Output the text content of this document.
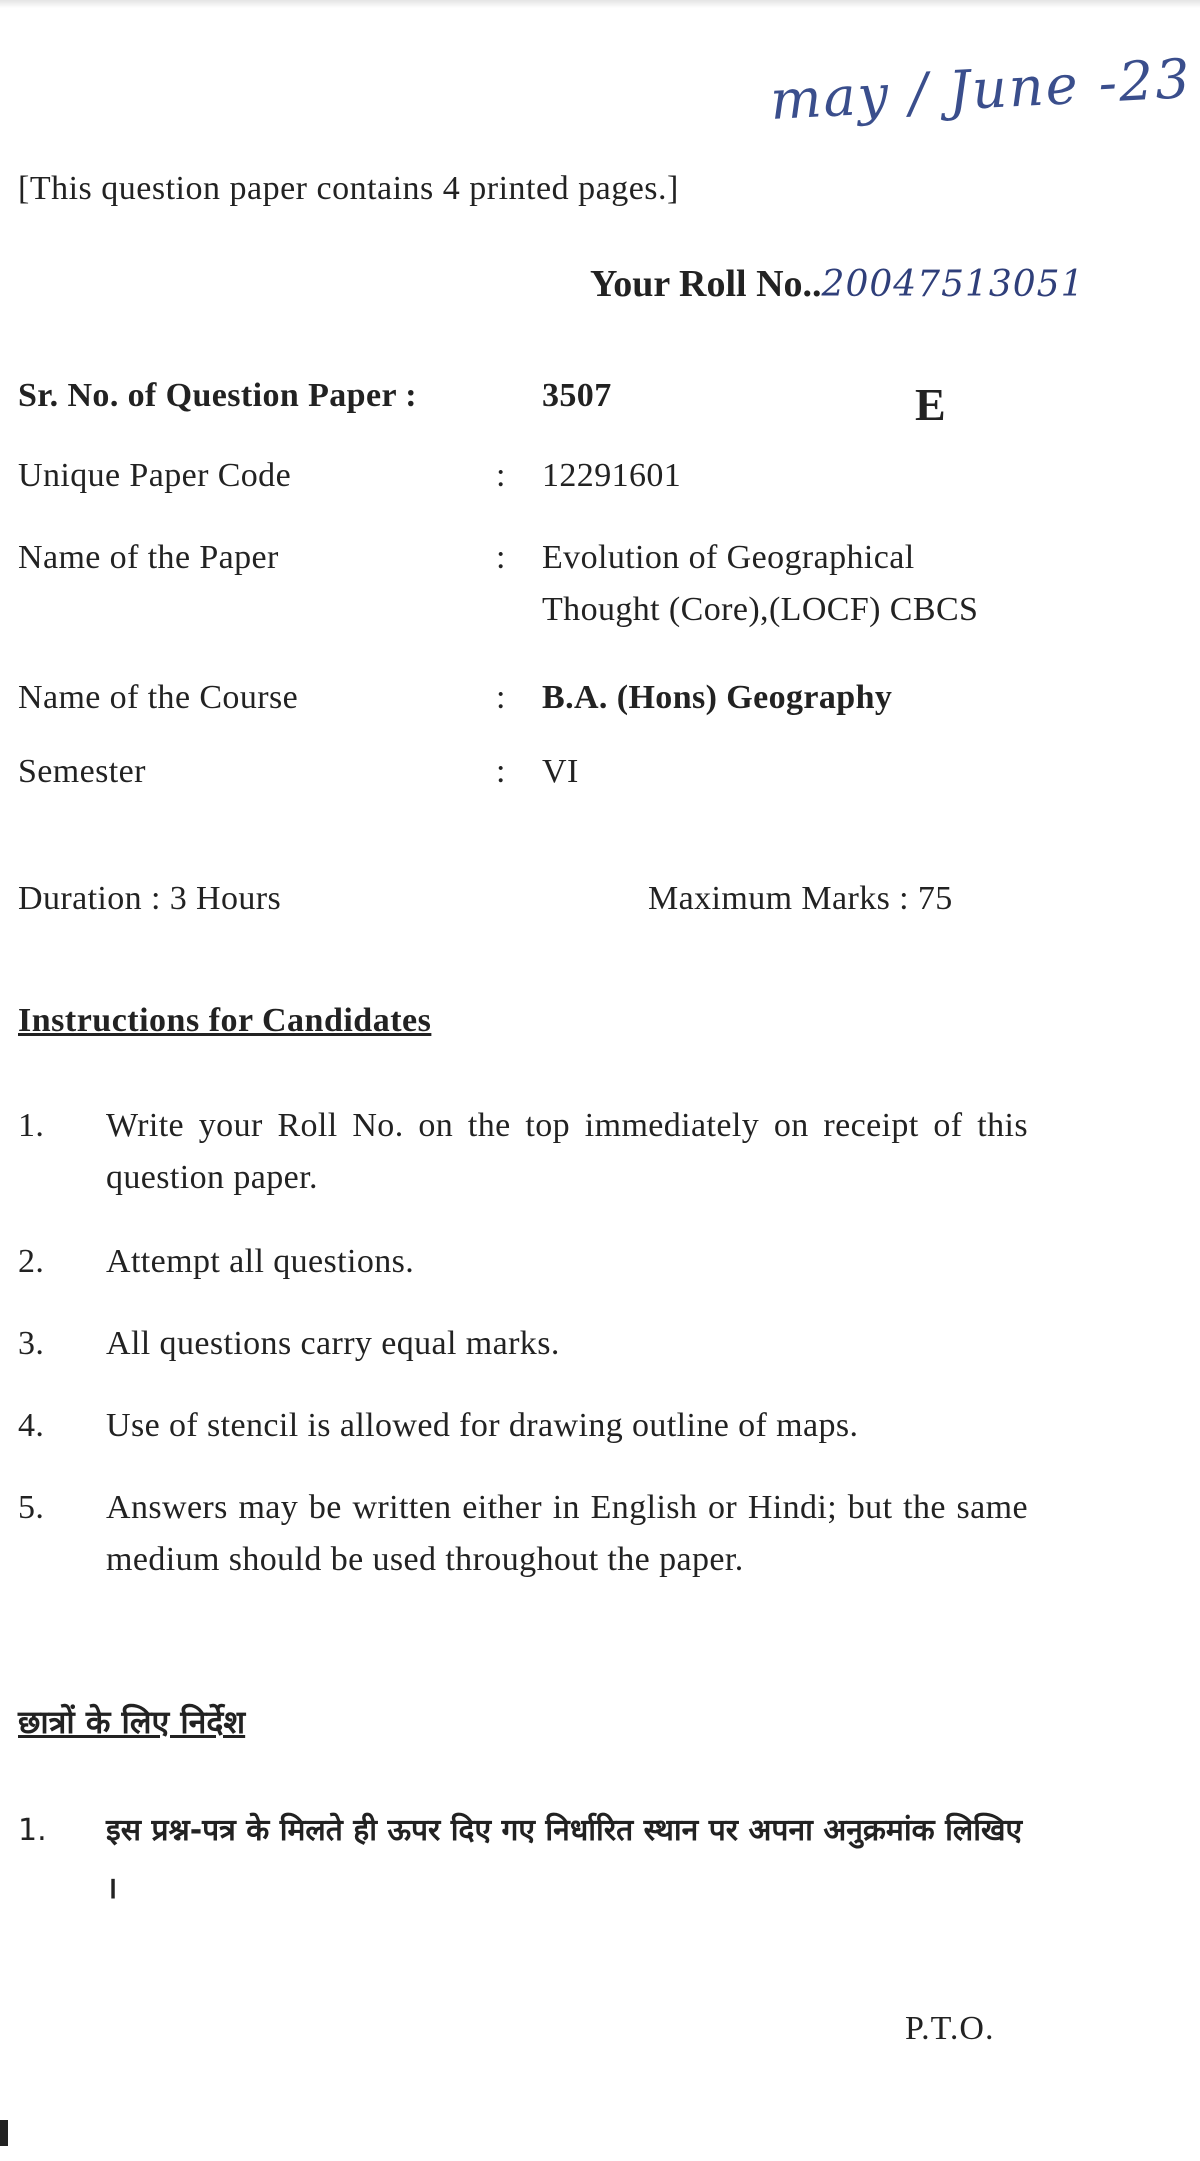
may / June -23
[This question paper contains 4 printed pages.]
Your Roll No..20047513051
Sr. No. of Question Paper :	3507
Unique Paper Code	:	12291601
Name of the Paper	:	Evolution of Geographical
Thought (Core),(LOCF) CBCS
Name of the Course	:	B.A. (Hons) Geography
Semester	:	VI
E
Duration : 3 Hours	Maximum Marks : 75
Instructions for Candidates
1.	Write your Roll No. on the top immediately on receipt of this question paper.
2.	Attempt all questions.
3.	All questions carry equal marks.
4.	Use of stencil is allowed for drawing outline of maps.
5.	Answers may be written either in English or Hindi; but the same medium should be used throughout the paper.
छात्रों के लिए निर्देश
1.	इस प्रश्न-पत्र के मिलते ही ऊपर दिए गए निर्धारित स्थान पर अपना अनुक्रमांक लिखिए ।
P.T.O.
